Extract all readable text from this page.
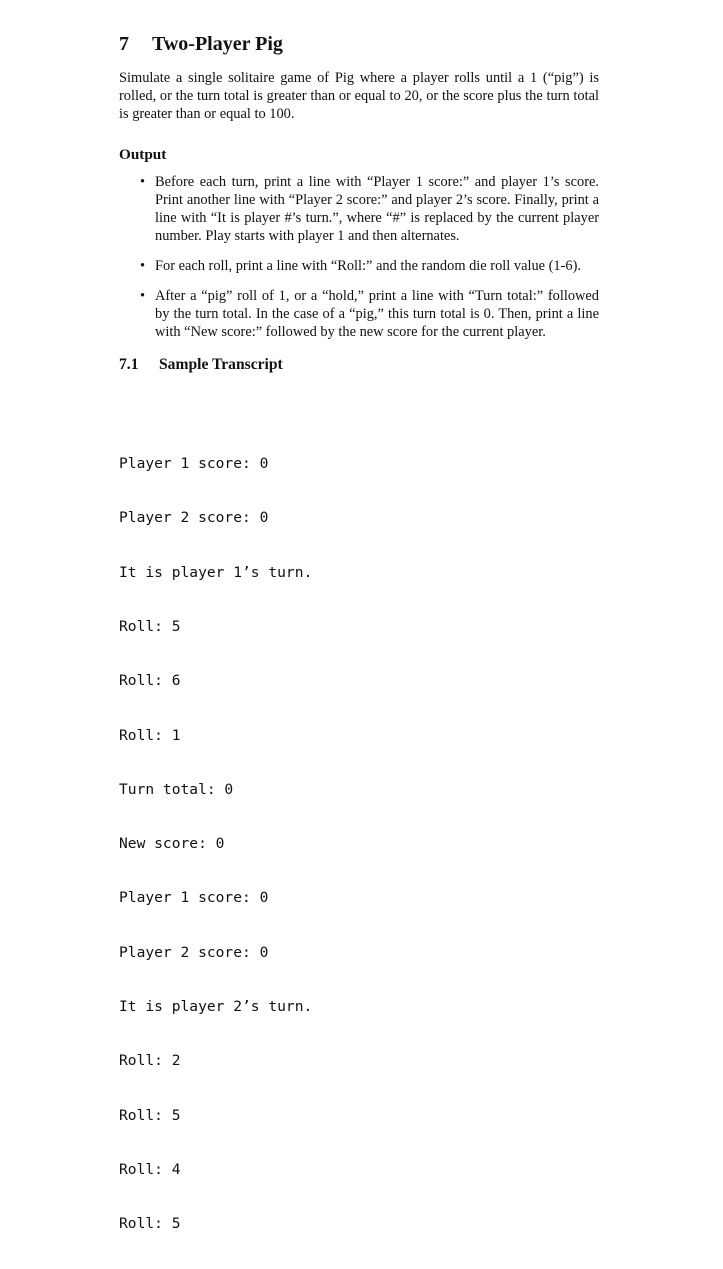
7 Two-Player Pig

Simulate a single solitaire game of Pig where a player rolls until a 1 (“pig”) is rolled, or the turn total is greater than or equal to 20, or the score plus the turn total is greater than or equal to 100.

Output
• Before each turn, print a line with “Player 1 score:” and player 1’s score. Print another line with “Player 2 score:” and player 2’s score. Finally, print a line with “It is player #’s turn.”, where “#” is replaced by the current player number. Play starts with player 1 and then alternates.
• For each roll, print a line with “Roll:” and the random die roll value (1-6).
• After a “pig” roll of 1, or a “hold,” print a line with “Turn total:” followed by the turn total. In the case of a “pig,” this turn total is 0. Then, print a line with “New score:” followed by the new score for the current player.
7.1 Sample Transcript

Player 1 score: 0

Player 2 score: 0

It is player 1’s turn.

Roll: 5

Roll: 6

Roll: 1

Turn total: 0

New score: 0

Player 1 score: 0

Player 2 score: 0

It is player 2’s turn.

Roll: 2

Roll: 5

Roll: 4

Roll: 5
